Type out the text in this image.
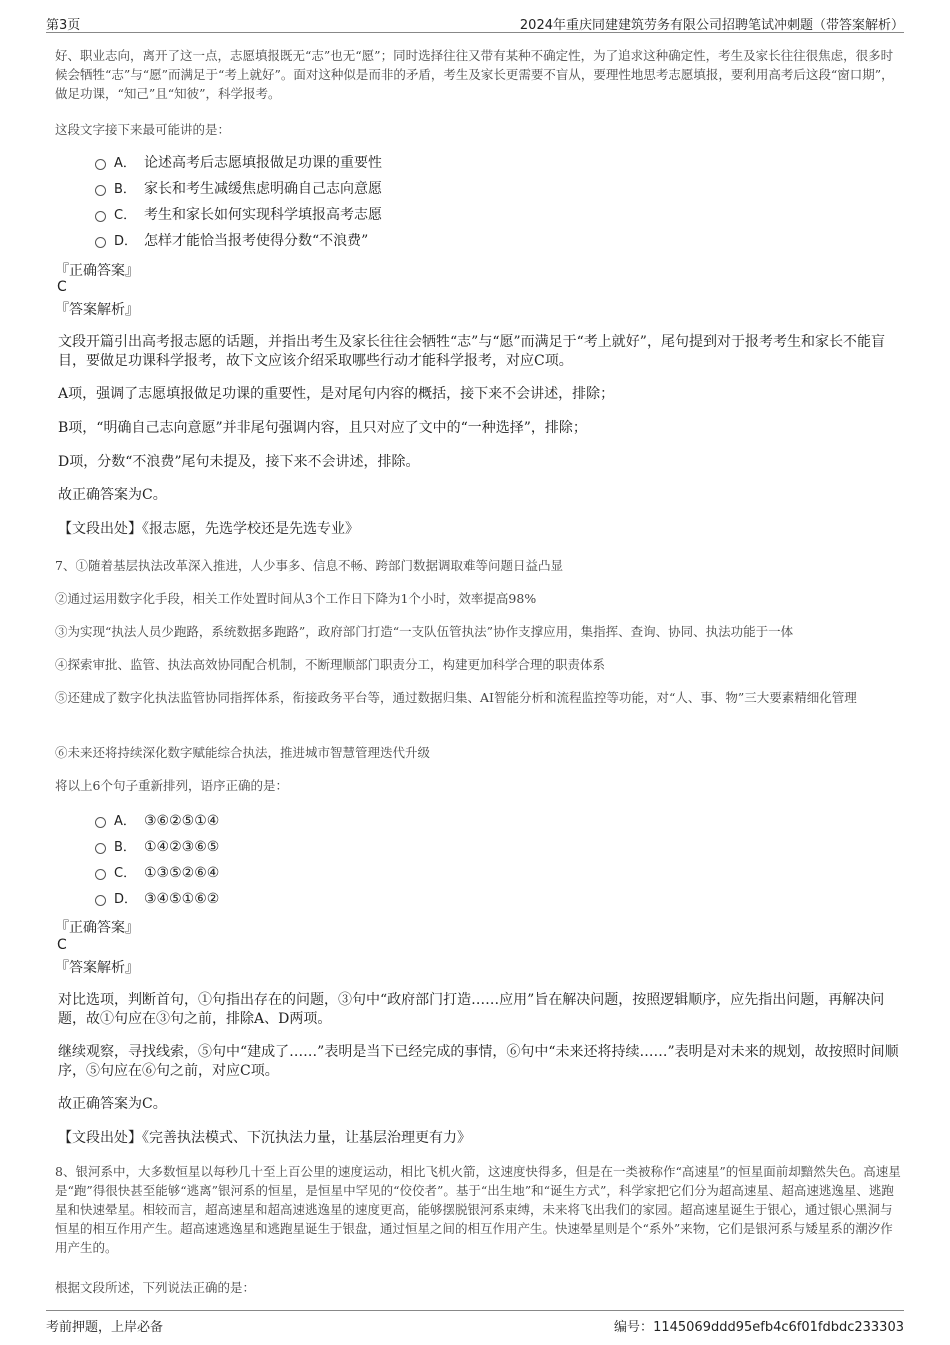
第3页	2024年重庆同建建筑劳务有限公司招聘笔试冲刺题（带答案解析）

好、职业志向，离开了这一点，志愿填报既无“志”也无“愿”；同时选择往往又带有某种不确定性，为了追求这种确定性，考生及家长往往很焦虑，很多时候会牺牲“志”与“愿”而满足于“考上就好”。面对这种似是而非的矛盾，考生及家长更需要不盲从，要理性地思考志愿填报，要利用高考后这段“窗口期”，做足功课，“知己”且“知彼”，科学报考。

这段文字接下来最可能讲的是：

A． 论述高考后志愿填报做足功课的重要性
B． 家长和考生减缓焦虑明确自己志向意愿
C． 考生和家长如何实现科学填报高考志愿
D． 怎样才能恰当报考使得分数“不浪费”
『正确答案』
C
『答案解析』

文段开篇引出高考报志愿的话题，并指出考生及家长往往会牺牲“志”与“愿”而满足于“考上就好”，尾句提到对于报考考生和家长不能盲目，要做足功课科学报考，故下文应该介绍采取哪些行动才能科学报考，对应C项。

A项，强调了志愿填报做足功课的重要性，是对尾句内容的概括，接下来不会讲述，排除；

B项，“明确自己志向意愿”并非尾句强调内容，且只对应了文中的“一种选择”，排除；

D项，分数“不浪费”尾句未提及，接下来不会讲述，排除。

故正确答案为C。

【文段出处】《报志愿，先选学校还是先选专业》

7、①随着基层执法改革深入推进，人少事多、信息不畅、跨部门数据调取难等问题日益凸显

②通过运用数字化手段，相关工作处置时间从3个工作日下降为1个小时，效率提高98%

③为实现“执法人员少跑路，系统数据多跑路”，政府部门打造“一支队伍管执法”协作支撑应用，集指挥、查询、协同、执法功能于一体

④探索审批、监管、执法高效协同配合机制，不断理顺部门职责分工，构建更加科学合理的职责体系

⑤还建成了数字化执法监管协同指挥体系，衔接政务平台等，通过数据归集、AI智能分析和流程监控等功能，对“人、事、物”三大要素精细化管理

⑥未来还将持续深化数字赋能综合执法，推进城市智慧管理迭代升级

将以上6个句子重新排列，语序正确的是：

A． ③⑥②⑤①④
B． ①④②③⑥⑤
C． ①③⑤②⑥④
D． ③④⑤①⑥②
『正确答案』
C
『答案解析』

对比选项，判断首句，①句指出存在的问题，③句中“政府部门打造……应用”旨在解决问题，按照逻辑顺序，应先指出问题，再解决问题，故①句应在③句之前，排除A、D两项。

继续观察，寻找线索，⑤句中“建成了……”表明是当下已经完成的事情，⑥句中“未来还将持续……”表明是对未来的规划，故按照时间顺序，⑤句应在⑥句之前，对应C项。

故正确答案为C。

【文段出处】《完善执法模式、下沉执法力量，让基层治理更有力》

8、银河系中，大多数恒星以每秒几十至上百公里的速度运动，相比飞机火箭，这速度快得多，但是在一类被称作“高速星”的恒星面前却黯然失色。高速星是“跑”得很快甚至能够“逃离”银河系的恒星，是恒星中罕见的“佼佼者”。基于“出生地”和“诞生方式”，科学家把它们分为超高速星、超高速逃逸星、逃跑星和快速晕星。相较而言，超高速星和超高速逃逸星的速度更高，能够摆脱银河系束缚，未来将飞出我们的家园。超高速星诞生于银心，通过银心黑洞与恒星的相互作用产生。超高速逃逸星和逃跑星诞生于银盘，通过恒星之间的相互作用产生。快速晕星则是个“系外”来物，它们是银河系与矮星系的潮汐作用产生的。

根据文段所述，下列说法正确的是：

考前押题，上岸必备	编号：1145069ddd95efb4c6f01fdbdc233303
